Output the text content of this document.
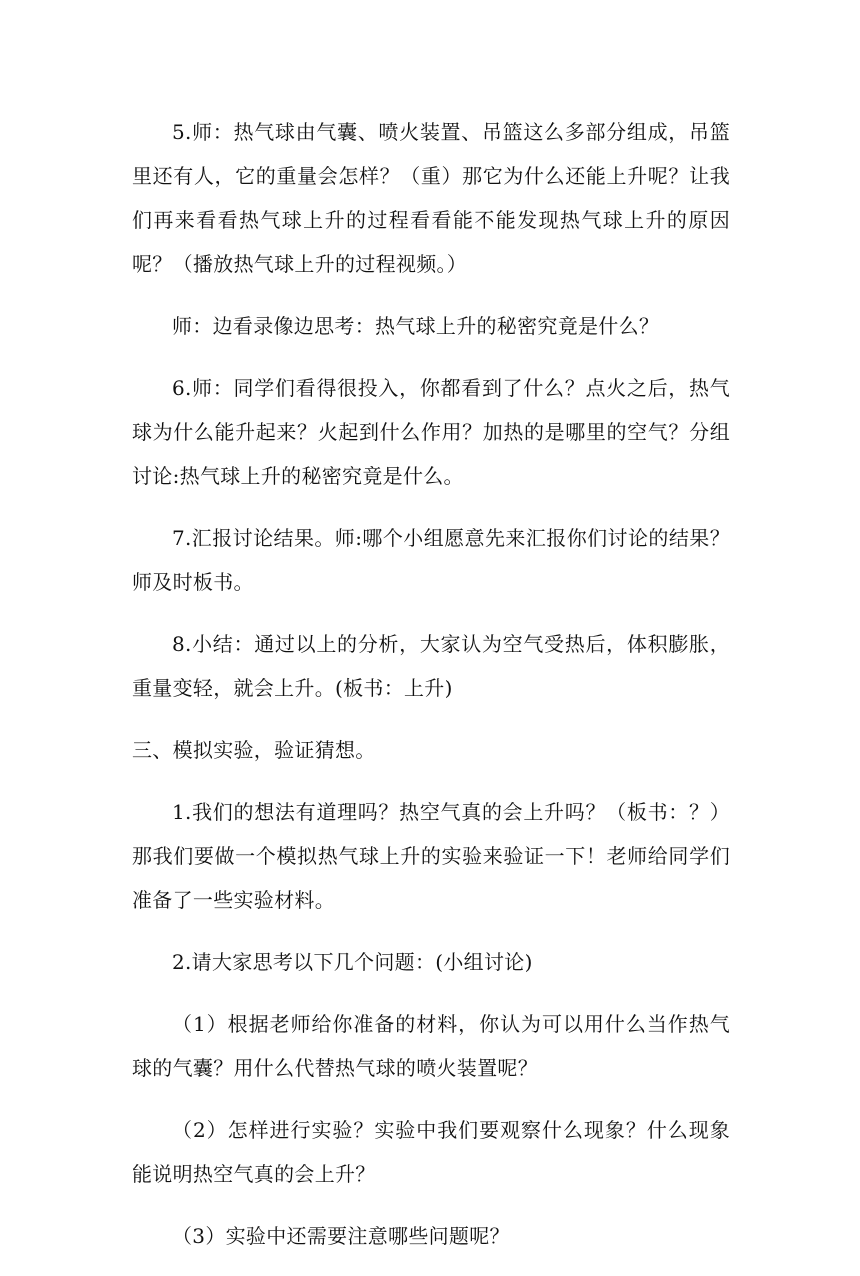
5.师：热气球由气囊、喷火装置、吊篮这么多部分组成，吊篮里还有人，它的重量会怎样？（重）那它为什么还能上升呢？让我们再来看看热气球上升的过程看看能不能发现热气球上升的原因呢？（播放热气球上升的过程视频。）

师：边看录像边思考：热气球上升的秘密究竟是什么？

6.师：同学们看得很投入，你都看到了什么？点火之后，热气球为什么能升起来？火起到什么作用？加热的是哪里的空气？分组讨论:热气球上升的秘密究竟是什么。

7.汇报讨论结果。师:哪个小组愿意先来汇报你们讨论的结果？师及时板书。

8.小结：通过以上的分析，大家认为空气受热后，体积膨胀，重量变轻，就会上升。(板书：上升)

三、模拟实验，验证猜想。

1.我们的想法有道理吗？热空气真的会上升吗？（板书：？）那我们要做一个模拟热气球上升的实验来验证一下！老师给同学们准备了一些实验材料。

2.请大家思考以下几个问题：(小组讨论)

（1）根据老师给你准备的材料，你认为可以用什么当作热气球的气囊？用什么代替热气球的喷火装置呢？

（2）怎样进行实验？实验中我们要观察什么现象？什么现象能说明热空气真的会上升？

（3）实验中还需要注意哪些问题呢？
